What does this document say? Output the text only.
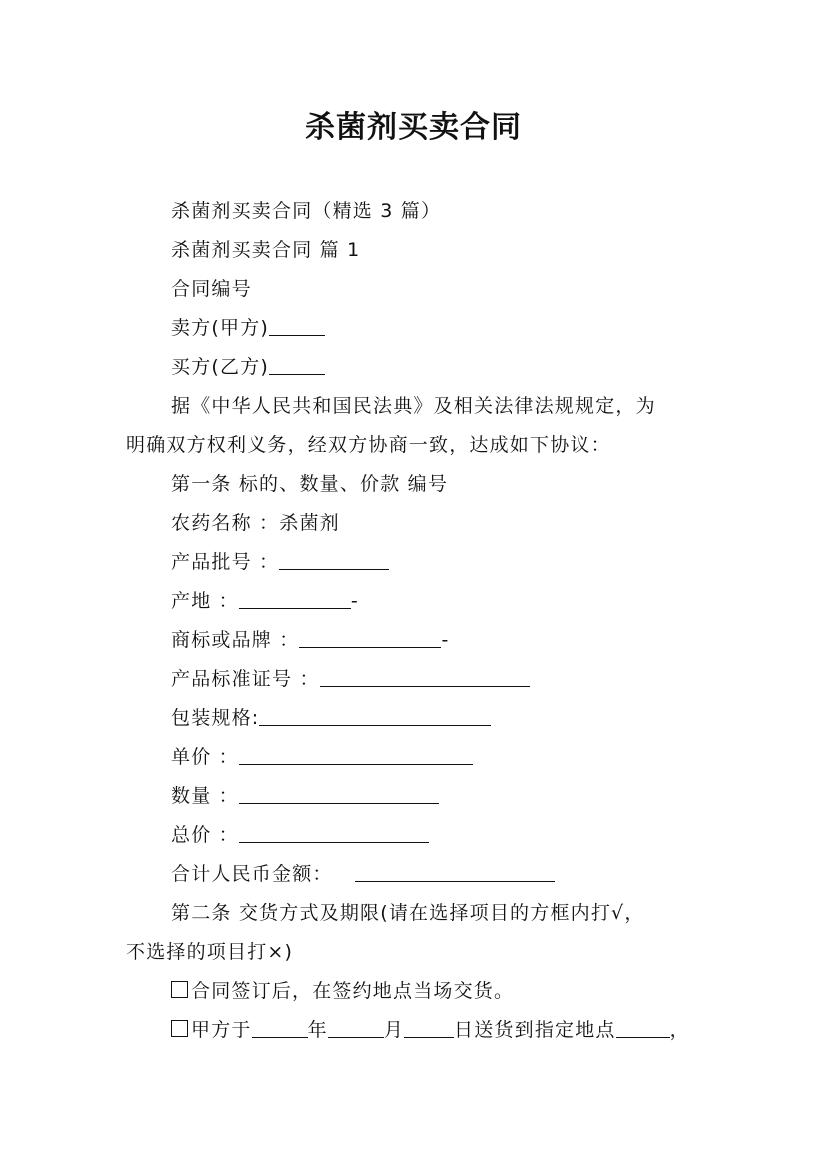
杀菌剂买卖合同
杀菌剂买卖合同（精选 3 篇）
杀菌剂买卖合同 篇 1
合同编号
卖方(甲方)
买方(乙方)
据《中华人民共和国民法典》及相关法律法规规定，为
明确双方权利义务，经双方协商一致，达成如下协议：
第一条 标的、数量、价款 编号
农药名称 ：杀菌剂
产品批号 ：
产地 ：	-
商标或品牌 ：	-
产品标准证号 ：
包装规格:
单价 ：
数量 ：
总价 ：
合计人民币金额：
第二条 交货方式及期限(请在选择项目的方框内打√，
不选择的项目打×)
合同签订后，在签约地点当场交货。
甲方于	年	月	日送货到指定地点	，
